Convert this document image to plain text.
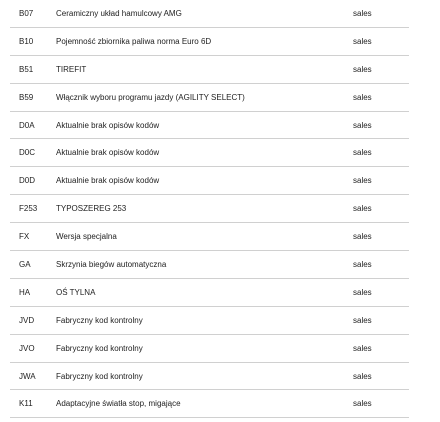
B07	Ceramiczny układ hamulcowy AMG	sales
B10	Pojemność zbiornika paliwa norma Euro 6D	sales
B51	TIREFIT	sales
B59	Włącznik wyboru programu jazdy (AGILITY SELECT)	sales
D0A	Aktualnie brak opisów kodów	sales
D0C	Aktualnie brak opisów kodów	sales
D0D	Aktualnie brak opisów kodów	sales
F253 TYPOSZEREG 253	sales
FX	Wersja specjalna	sales
GA	Skrzynia biegów automatyczna	sales
HA	OŚ TYLNA	sales
JVD	Fabryczny kod kontrolny	sales
JVO	Fabryczny kod kontrolny	sales
JWA	Fabryczny kod kontrolny	sales
K11	Adaptacyjne światła stop, migające	sales
